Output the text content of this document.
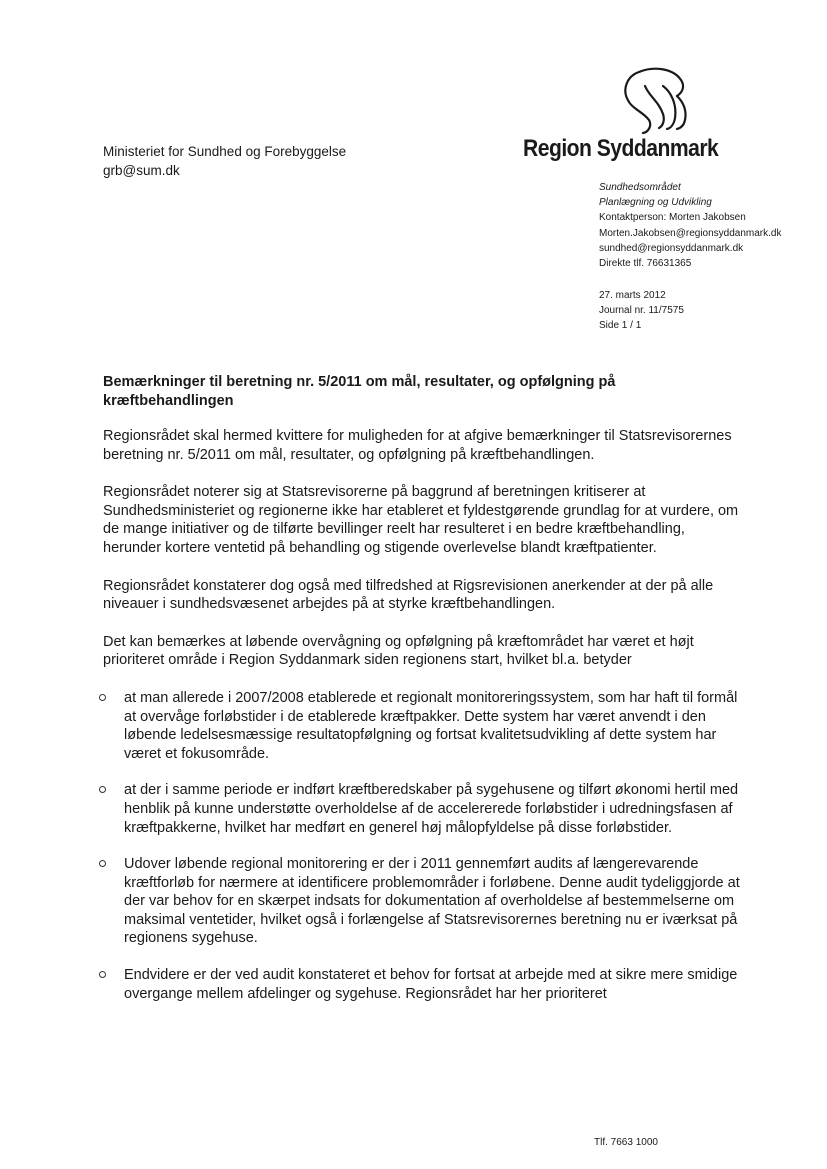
Ministeriet for Sundhed og Forebyggelse
grb@sum.dk
Region Syddanmark
Sundhedsområdet
Planlægning og Udvikling
Kontaktperson: Morten Jakobsen
Morten.Jakobsen@regionsyddanmark.dk
sundhed@regionsyddanmark.dk
Direkte tlf. 76631365
27. marts 2012
Journal nr. 11/7575
Side 1 / 1
Bemærkninger til beretning nr. 5/2011 om mål, resultater, og opfølgning på kræftbehandlingen

Regionsrådet skal hermed kvittere for muligheden for at afgive bemærkninger til Statsrevisorernes beretning nr. 5/2011 om mål, resultater, og opfølgning på kræftbehandlingen.

Regionsrådet noterer sig at Statsrevisorerne på baggrund af beretningen kritiserer at Sundhedsministeriet og regionerne ikke har etableret et fyldestgørende grundlag for at vurdere, om de mange initiativer og de tilførte bevillinger reelt har resulteret i en bedre kræftbehandling, herunder kortere ventetid på behandling og stigende overlevelse blandt kræftpatienter.

Regionsrådet konstaterer dog også med tilfredshed at Rigsrevisionen anerkender at der på alle niveauer i sundhedsvæsenet arbejdes på at styrke kræftbehandlingen.

Det kan bemærkes at løbende overvågning og opfølgning på kræftområdet har været et højt prioriteret område i Region Syddanmark siden regionens start, hvilket bl.a. betyder

at man allerede i 2007/2008 etablerede et regionalt monitoreringssystem, som har haft til formål at overvåge forløbstider i de etablerede kræftpakker. Dette system har været anvendt i den løbende ledelsesmæssige resultatopfølgning og fortsat kvalitetsudvikling af dette system har været et fokusområde.
at der i samme periode er indført kræftberedskaber på sygehusene og tilført økonomi hertil med henblik på kunne understøtte overholdelse af de accelererede forløbstider i udredningsfasen af kræftpakkerne, hvilket har medført en generel høj målopfyldelse på disse forløbstider.
Udover løbende regional monitorering er der i 2011 gennemført audits af længerevarende kræftforløb for nærmere at identificere problemområder i forløbene. Denne audit tydeliggjorde at der var behov for en skærpet indsats for dokumentation af overholdelse af bestemmelserne om maksimal ventetider, hvilket også i forlængelse af Statsrevisorernes beretning nu er iværksat på regionens sygehuse.
Endvidere er der ved audit konstateret et behov for fortsat at arbejde med at sikre mere smidige overgange mellem afdelinger og sygehuse. Regionsrådet har her prioriteret
Tlf. 7663 1000
